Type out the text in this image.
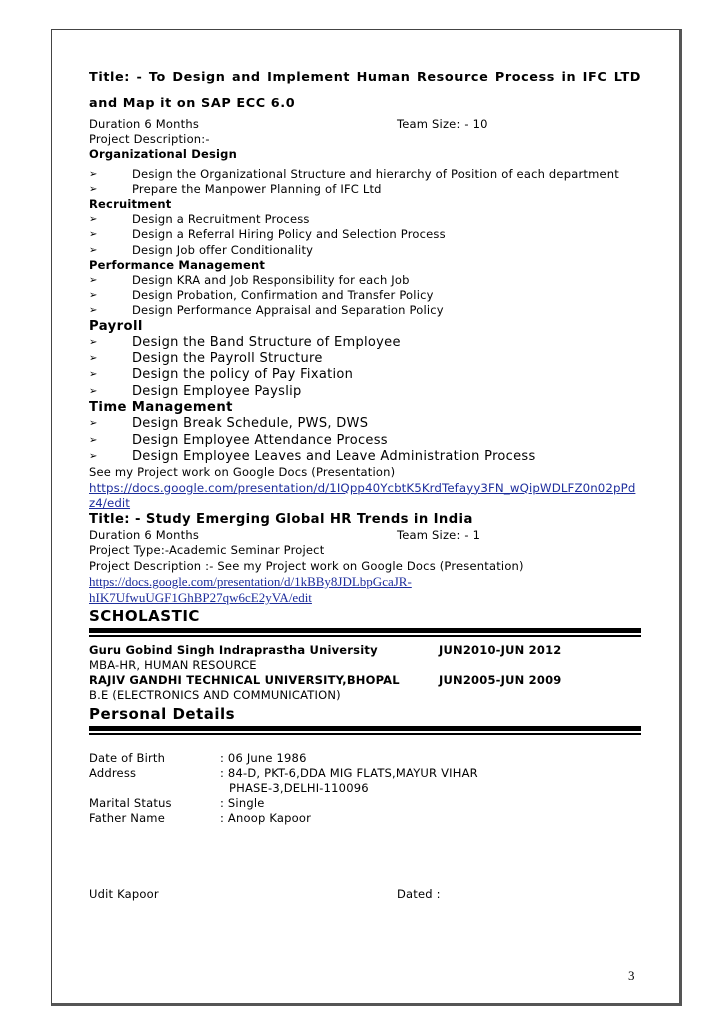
Title: - To Design and Implement Human Resource Process in IFC LTD and Map it on SAP ECC 6.0
Duration 6 Months	Team Size: - 10
Project Description:-
Organizational Design
➢	Design the Organizational Structure and hierarchy of Position of each department
➢	Prepare the Manpower Planning of IFC Ltd
Recruitment
➢	Design a Recruitment Process
➢	Design a Referral Hiring Policy and Selection Process
➢	Design Job offer Conditionality
Performance Management
➢	Design KRA and Job Responsibility for each Job
➢	Design Probation, Confirmation and Transfer Policy
➢	Design Performance Appraisal and Separation Policy
Payroll
➢	Design the Band Structure of Employee
➢	Design the Payroll Structure
➢	Design the policy of Pay Fixation
➢	Design Employee Payslip
Time Management
➢	Design Break Schedule, PWS, DWS
➢	Design Employee Attendance Process
➢	Design Employee Leaves and Leave Administration Process
See my Project work on Google Docs (Presentation)
https://docs.google.com/presentation/d/1IQpp40YcbtK5KrdTefayy3FN_wQipWDLFZ0n02pPdz4/edit
Title: - Study Emerging Global HR Trends in India
Duration 6 Months	Team Size: - 1
Project Type:-Academic Seminar Project
Project Description :- See my Project work on Google Docs (Presentation)
https://docs.google.com/presentation/d/1kBBy8JDLbpGcaJR-
hIK7UfwuUGF1GhBP27qw6cE2yVA/edit
SCHOLASTIC
Guru Gobind Singh Indraprastha University	JUN2010-JUN 2012
MBA-HR, HUMAN RESOURCE
RAJIV GANDHI TECHNICAL UNIVERSITY,BHOPAL	JUN2005-JUN 2009
B.E (ELECTRONICS AND COMMUNICATION)
Personal Details
Date of Birth	: 06 June 1986
Address	: 84-D, PKT-6,DDA MIG FLATS,MAYUR VIHAR
PHASE-3,DELHI-110096
Marital Status	: Single
Father Name	: Anoop Kapoor
Udit Kapoor	Dated :
3
